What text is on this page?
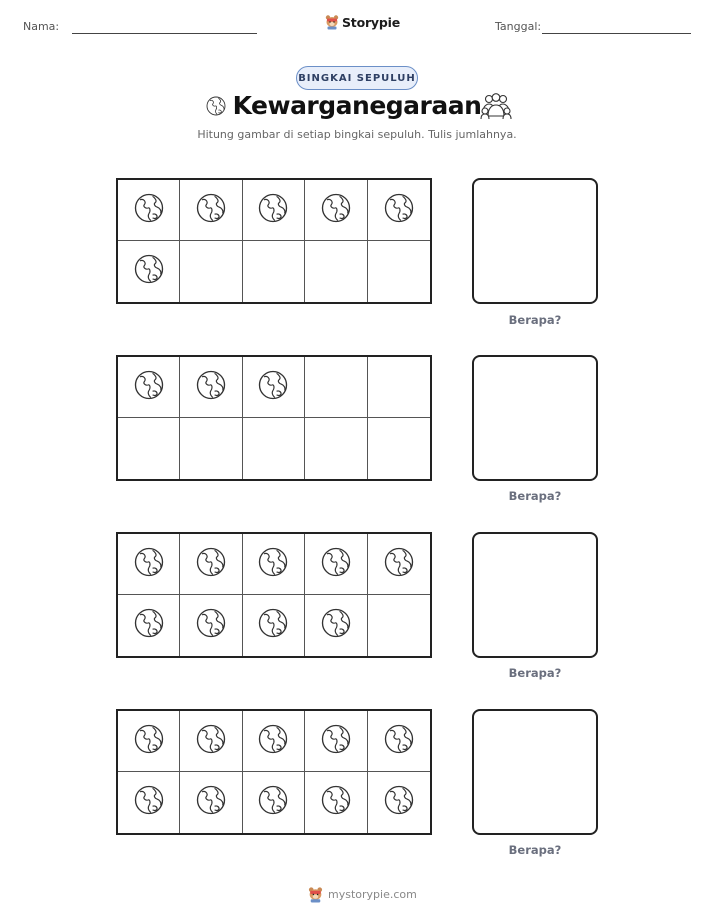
Nama:	Storypie	Tanggal:
BINGKAI SEPULUH
Kewarganegaraan
Hitung gambar di setiap bingkai sepuluh. Tulis jumlahnya.
Berapa?
Berapa?
Berapa?
Berapa?
mystorypie.com
